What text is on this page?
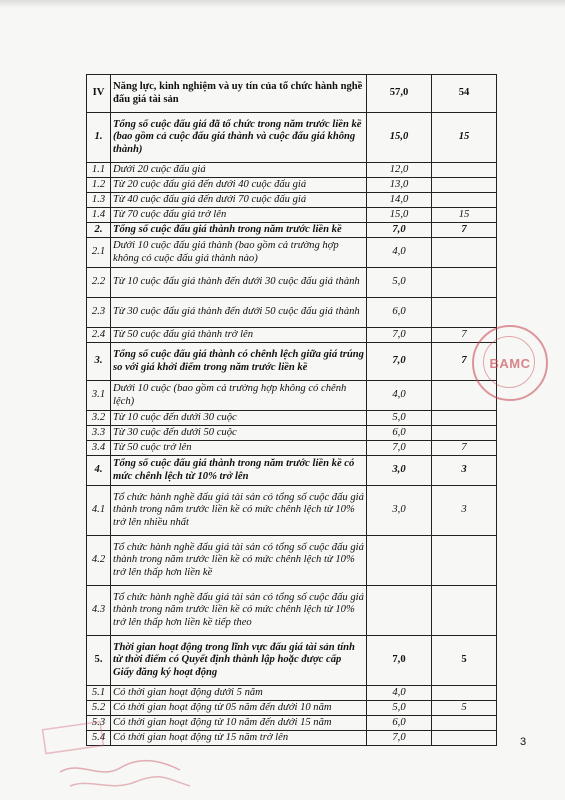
IV	Năng lực, kinh nghiệm và uy tín của tổ chức hành nghề đấu giá tài sản	57,0	54
1.	Tổng số cuộc đấu giá đã tổ chức trong năm trước liền kề (bao gồm cả cuộc đấu giá thành và cuộc đấu giá không thành)	15,0	15
1.1	Dưới 20 cuộc đấu giá	12,0	
1.2	Từ 20 cuộc đấu giá đến dưới 40 cuộc đấu giá	13,0	
1.3	Từ 40 cuộc đấu giá đến dưới 70 cuộc đấu giá	14,0	
1.4	Từ 70 cuộc đấu giá trở lên	15,0	15
2.	Tổng số cuộc đấu giá thành trong năm trước liền kề	7,0	7
2.1	Dưới 10 cuộc đấu giá thành (bao gồm cả trường hợp không có cuộc đấu giá thành nào)	4,0	
2.2	Từ 10 cuộc đấu giá thành đến dưới 30 cuộc đấu giá thành	5,0	
2.3	Từ 30 cuộc đấu giá thành đến dưới 50 cuộc đấu giá thành	6,0	
2.4	Từ 50 cuộc đấu giá thành trở lên	7,0	7
3.	Tổng số cuộc đấu giá thành có chênh lệch giữa giá trúng so với giá khởi điểm trong năm trước liền kề	7,0	7
3.1	Dưới 10 cuộc (bao gồm cả trường hợp không có chênh lệch)	4,0	
3.2	Từ 10 cuộc đến dưới 30 cuộc	5,0	
3.3	Từ 30 cuộc đến dưới 50 cuộc	6,0	
3.4	Từ 50 cuộc trở lên	7,0	7
4.	Tổng số cuộc đấu giá thành trong năm trước liền kề có mức chênh lệch từ 10% trở lên	3,0	3
4.1	Tổ chức hành nghề đấu giá tài sản có tổng số cuộc đấu giá thành trong năm trước liền kề có mức chênh lệch từ 10% trở lên nhiều nhất	3,0	3
4.2	Tổ chức hành nghề đấu giá tài sản có tổng số cuộc đấu giá thành trong năm trước liền kề có mức chênh lệch từ 10% trở lên thấp hơn liền kề		
4.3	Tổ chức hành nghề đấu giá tài sản có tổng số cuộc đấu giá thành trong năm trước liền kề có mức chênh lệch từ 10% trở lên thấp hơn liền kề tiếp theo		
5.	Thời gian hoạt động trong lĩnh vực đấu giá tài sản tính từ thời điểm có Quyết định thành lập hoặc được cấp Giấy đăng ký hoạt động	7,0	5
5.1	Có thời gian hoạt động dưới 5 năm	4,0	
5.2	Có thời gian hoạt động từ 05 năm đến dưới 10 năm	5,0	5
5.3	Có thời gian hoạt động từ 10 năm đến dưới 15 năm	6,0	
5.4	Có thời gian hoạt động từ 15 năm trở lên	7,0	
BAMC
3
